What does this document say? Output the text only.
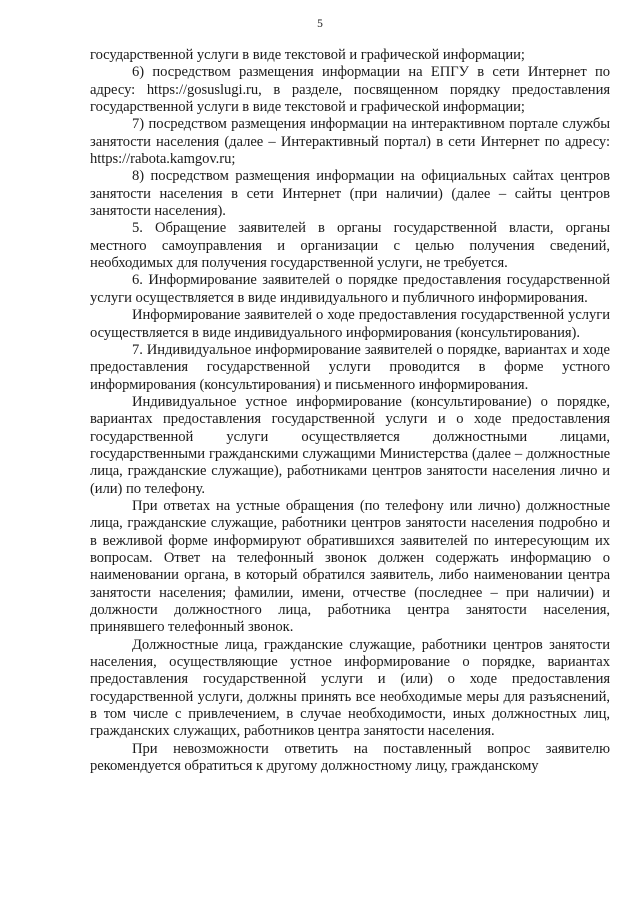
5

государственной услуги в виде текстовой и графической информации;

6) посредством размещения информации на ЕПГУ в сети Интернет по адресу: https://gosuslugi.ru, в разделе, посвященном порядку предоставления государственной услуги в виде текстовой и графической информации;

7) посредством размещения информации на интерактивном портале службы занятости населения (далее – Интерактивный портал) в сети Интернет по адресу: https://rabota.kamgov.ru;

8) посредством размещения информации на официальных сайтах центров занятости населения в сети Интернет (при наличии) (далее – сайты центров занятости населения).

5. Обращение заявителей в органы государственной власти, органы местного самоуправления и организации с целью получения сведений, необходимых для получения государственной услуги, не требуется.

6. Информирование заявителей о порядке предоставления государственной услуги осуществляется в виде индивидуального и публичного информирования.

Информирование заявителей о ходе предоставления государственной услуги осуществляется в виде индивидуального информирования (консультирования).

7. Индивидуальное информирование заявителей о порядке, вариантах и ходе предоставления государственной услуги проводится в форме устного информирования (консультирования) и письменного информирования.

Индивидуальное устное информирование (консультирование) о порядке, вариантах предоставления государственной услуги и о ходе предоставления государственной услуги осуществляется должностными лицами, государственными гражданскими служащими Министерства (далее – должностные лица, гражданские служащие), работниками центров занятости населения лично и (или) по телефону.

При ответах на устные обращения (по телефону или лично) должностные лица, гражданские служащие, работники центров занятости населения подробно и в вежливой форме информируют обратившихся заявителей по интересующим их вопросам. Ответ на телефонный звонок должен содержать информацию о наименовании органа, в который обратился заявитель, либо наименовании центра занятости населения; фамилии, имени, отчестве (последнее – при наличии) и должности должностного лица, работника центра занятости населения, принявшего телефонный звонок.

Должностные лица, гражданские служащие, работники центров занятости населения, осуществляющие устное информирование о порядке, вариантах предоставления государственной услуги и (или) о ходе предоставления государственной услуги, должны принять все необходимые меры для разъяснений, в том числе с привлечением, в случае необходимости, иных должностных лиц, гражданских служащих, работников центра занятости населения.

При невозможности ответить на поставленный вопрос заявителю рекомендуется обратиться к другому должностному лицу, гражданскому
